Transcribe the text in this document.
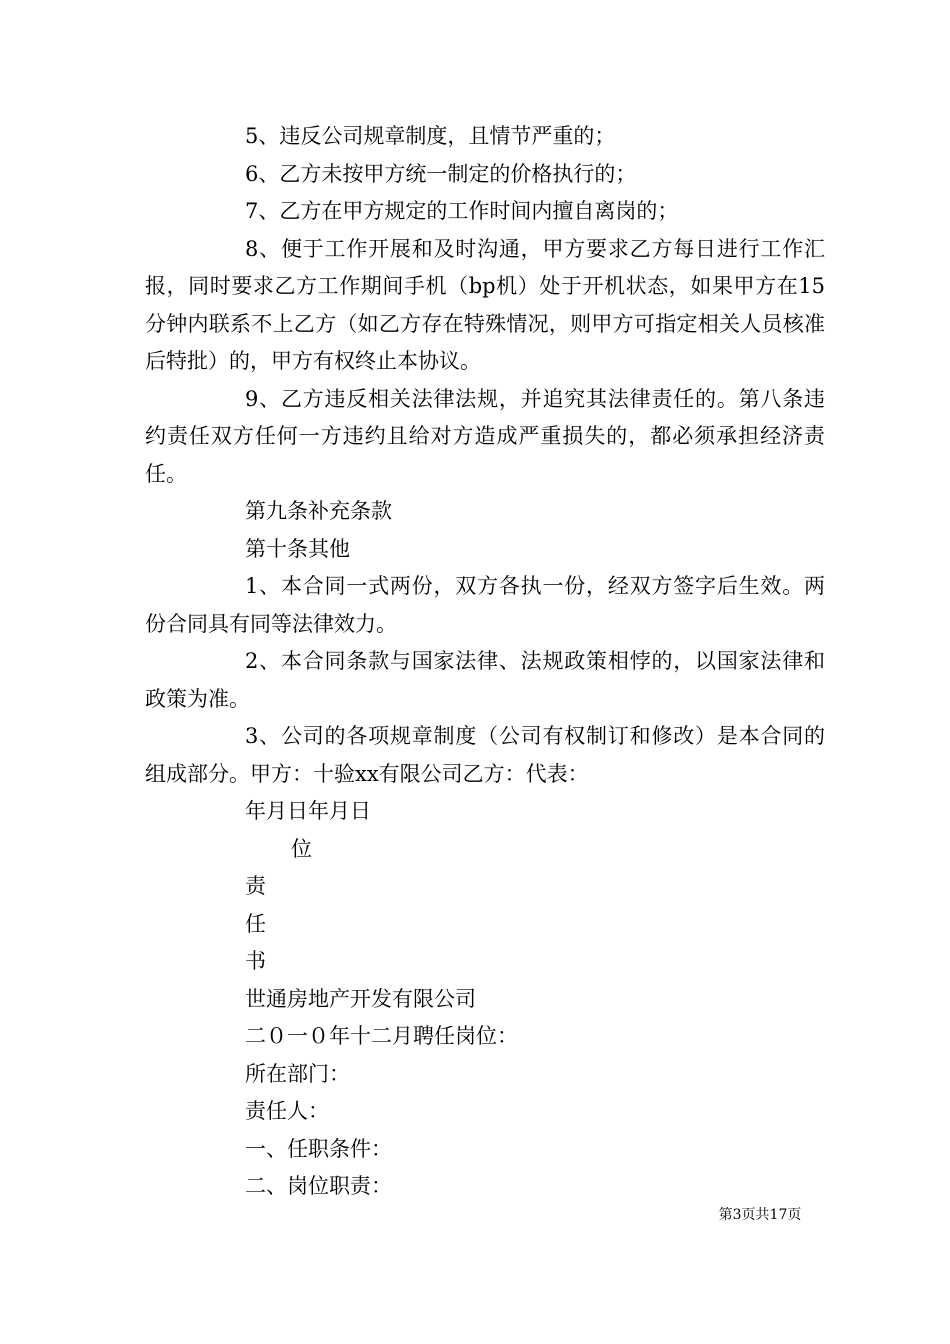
5、违反公司规章制度，且情节严重的；

6、乙方未按甲方统一制定的价格执行的；

7、乙方在甲方规定的工作时间内擅自离岗的；

8、便于工作开展和及时沟通，甲方要求乙方每日进行工作汇报，同时要求乙方工作期间手机（bp机）处于开机状态，如果甲方在15分钟内联系不上乙方（如乙方存在特殊情况，则甲方可指定相关人员核准后特批）的，甲方有权终止本协议。

9、乙方违反相关法律法规，并追究其法律责任的。第八条违约责任双方任何一方违约且给对方造成严重损失的，都必须承担经济责任。

第九条补充条款

第十条其他

1、本合同一式两份，双方各执一份，经双方签字后生效。两份合同具有同等法律效力。

2、本合同条款与国家法律、法规政策相悖的，以国家法律和政策为准。

3、公司的各项规章制度（公司有权制订和修改）是本合同的组成部分。甲方：十验xx有限公司乙方：代表：

年月日年月日

位

责

任

书

世通房地产开发有限公司

二０一０年十二月聘任岗位：

所在部门：

责任人：

一、任职条件：

二、岗位职责：

第3页共17页
